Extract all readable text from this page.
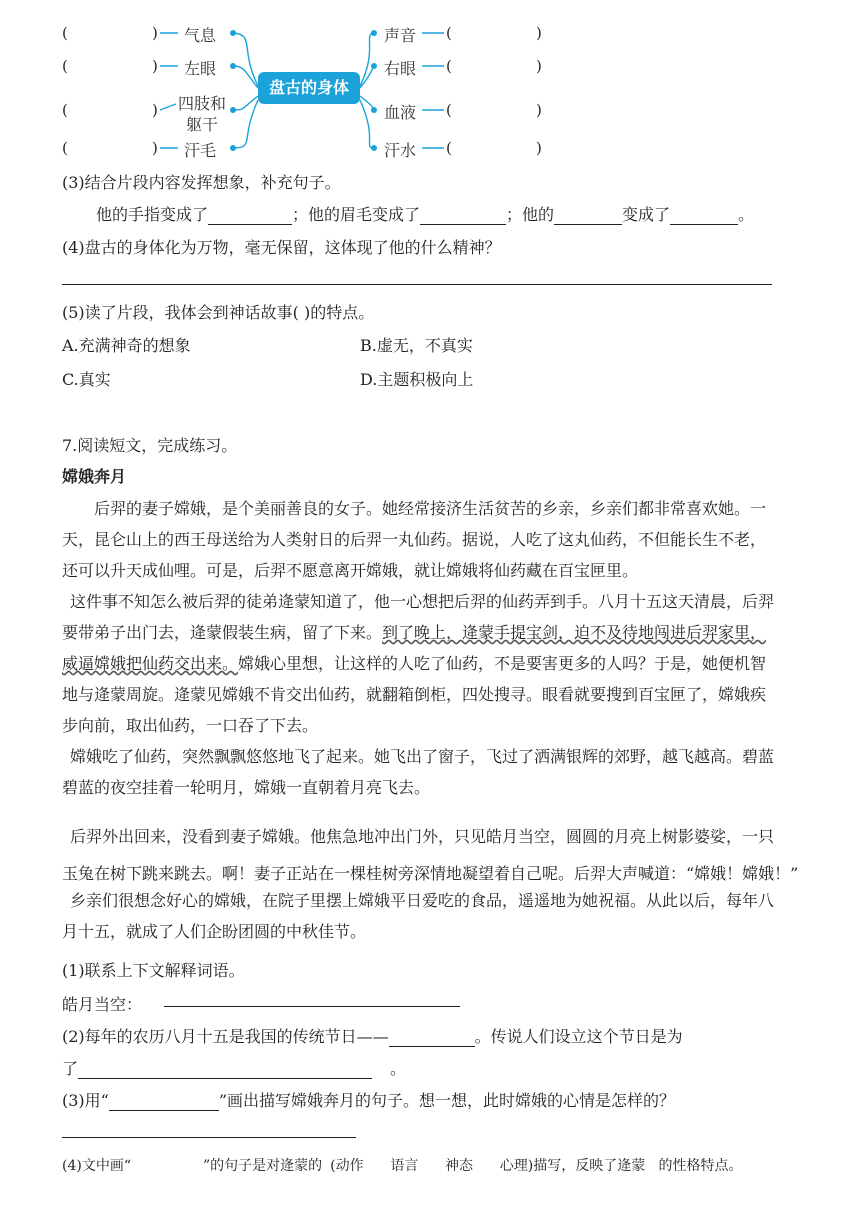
盘古的身体
(	)
(	)
(	)
(	)
气息
左眼
四肢和
躯干
汗毛
声音
右眼
血液
汗水
(	)
(	)
(	)
(	)
(3)结合片段内容发挥想象，补充句子。
他的手指变成了	；他的眉毛变成了	；他的	变成了	。
(4)盘古的身体化为万物，毫无保留，这体现了他的什么精神？
(5)读了片段，我体会到神话故事( )的特点。
A.充满神奇的想象	B.虚无，不真实
C.真实	D.主题积极向上
7.阅读短文，完成练习。
嫦娥奔月
后羿的妻子嫦娥，是个美丽善良的女子。她经常接济生活贫苦的乡亲，乡亲们都非常喜欢她。一
天，昆仑山上的西王母送给为人类射日的后羿一丸仙药。据说，人吃了这丸仙药，不但能长生不老，
还可以升天成仙哩。可是，后羿不愿意离开嫦娥，就让嫦娥将仙药藏在百宝匣里。
这件事不知怎么被后羿的徒弟逄蒙知道了，他一心想把后羿的仙药弄到手。八月十五这天清晨，后羿
要带弟子出门去，逄蒙假装生病，留了下来。到了晚上，逄蒙手提宝剑，迫不及待地闯进后羿家里，
威逼嫦娥把仙药交出来。嫦娥心里想，让这样的人吃了仙药，不是要害更多的人吗？于是，她便机智
地与逄蒙周旋。逄蒙见嫦娥不肯交出仙药，就翻箱倒柜，四处搜寻。眼看就要搜到百宝匣了，嫦娥疾
步向前，取出仙药，一口吞了下去。
嫦娥吃了仙药，突然飘飘悠悠地飞了起来。她飞出了窗子，飞过了洒满银辉的郊野，越飞越高。碧蓝
碧蓝的夜空挂着一轮明月，嫦娥一直朝着月亮飞去。
后羿外出回来，没看到妻子嫦娥。他焦急地冲出门外，只见皓月当空，圆圆的月亮上树影婆娑，一只
玉兔在树下跳来跳去。啊！妻子正站在一棵桂树旁深情地凝望着自己呢。后羿大声喊道：“嫦娥！嫦娥！”
乡亲们很想念好心的嫦娥，在院子里摆上嫦娥平日爱吃的食品，遥遥地为她祝福。从此以后，每年八
月十五，就成了人们企盼团圆的中秋佳节。
(1)联系上下文解释词语。
皓月当空：
(2)每年的农历八月十五是我国的传统节日——	。传说人们设立这个节日是为
了	。
(3)用“	”画出描写嫦娥奔月的句子。想一想，此时嫦娥的心情是怎样的？
(4)文中画“	”的句子是对逄蒙的 (动作      语言      神态      心理)描写，反映了逄蒙   的性格特点。
